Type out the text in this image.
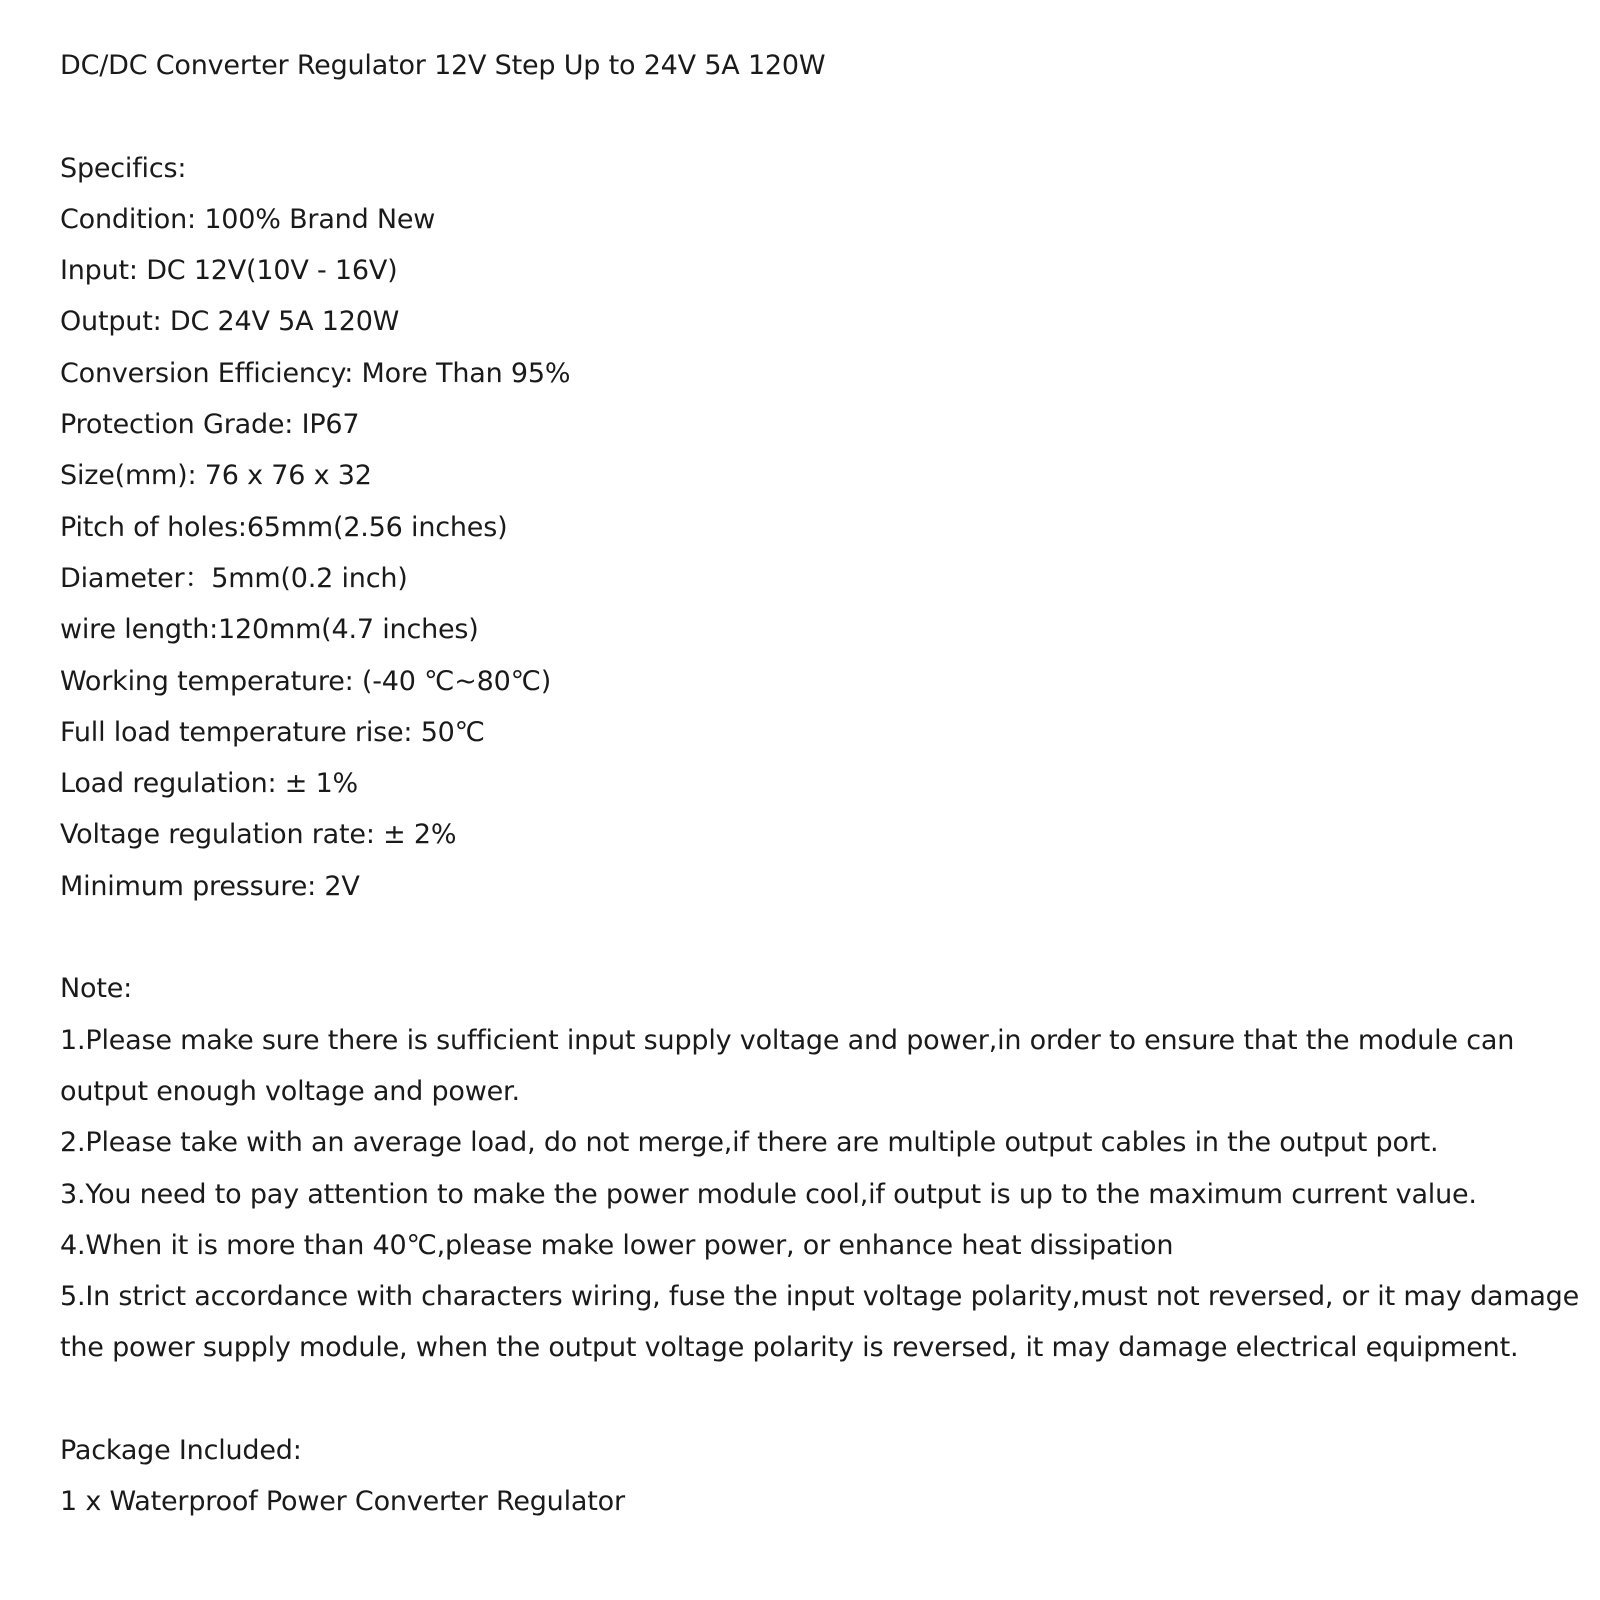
DC/DC Converter Regulator 12V Step Up to 24V 5A 120W
Specifics:
Condition: 100% Brand New
Input: DC 12V(10V - 16V)
Output: DC 24V 5A 120W
Conversion Efficiency: More Than 95%
Protection Grade: IP67
Size(mm): 76 x 76 x 32
Pitch of holes:65mm(2.56 inches)
Diameter：5mm(0.2 inch)
wire length:120mm(4.7 inches)
Working temperature: (-40 ℃~80℃)
Full load temperature rise: 50℃
Load regulation: ± 1%
Voltage regulation rate: ± 2%
Minimum pressure: 2V
Note:
1.Please make sure there is sufficient input supply voltage and power,in order to ensure that the module can
output enough voltage and power.
2.Please take with an average load, do not merge,if there are multiple output cables in the output port.
3.You need to pay attention to make the power module cool,if output is up to the maximum current value.
4.When it is more than 40℃,please make lower power, or enhance heat dissipation
5.In strict accordance with characters wiring, fuse the input voltage polarity,must not reversed, or it may damage
the power supply module, when the output voltage polarity is reversed, it may damage electrical equipment.
Package Included:
1 x Waterproof Power Converter Regulator
